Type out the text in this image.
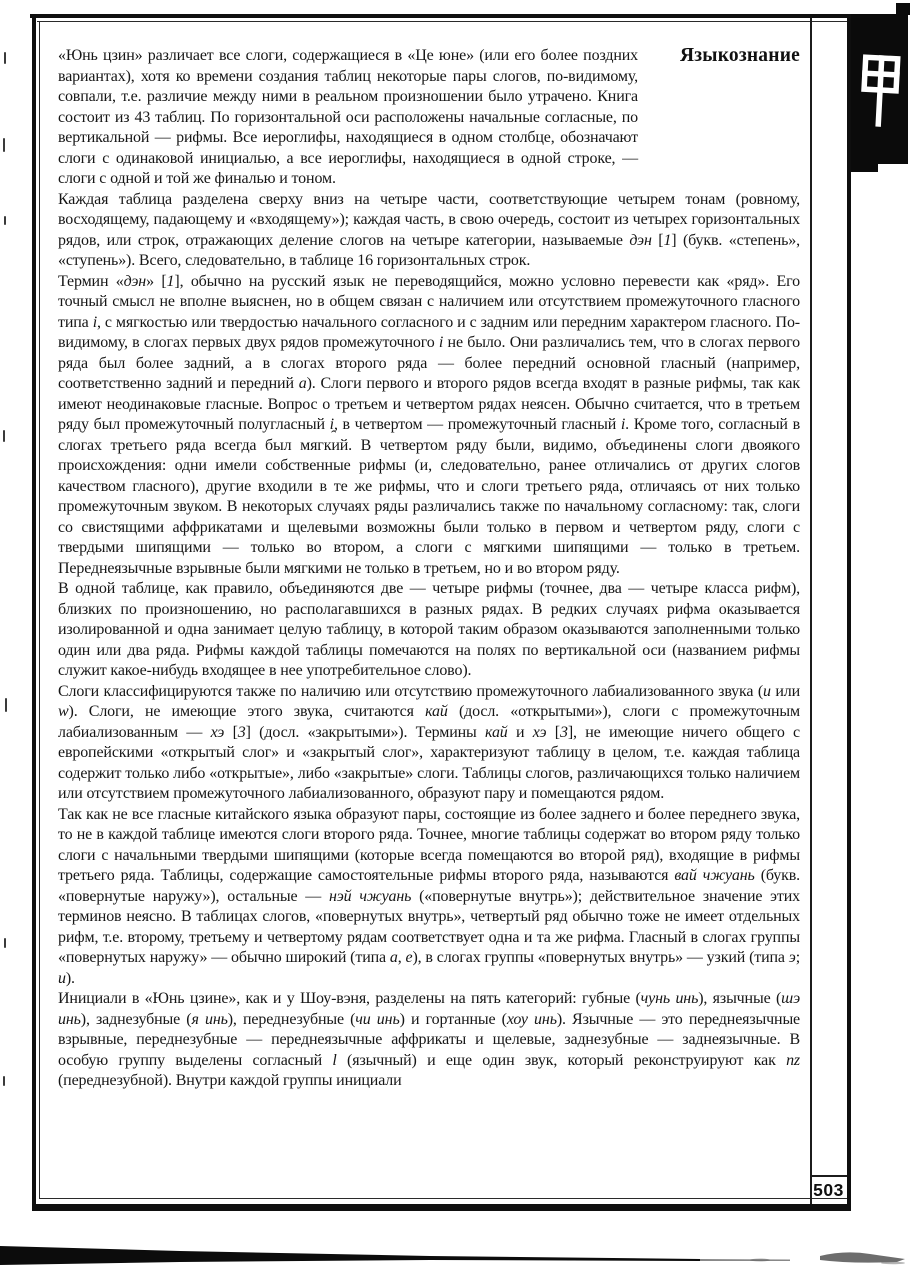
503
Языкознание

«Юнь цзин» различает все слоги, содержащиеся в «Це юне» (или его более поздних вариантах), хотя ко времени создания таблиц некоторые пары слогов, по-видимому, совпали, т.е. различие между ними в реальном произношении было утрачено. Книга состоит из 43 таблиц. По горизонтальной оси расположены начальные согласные, по вертикальной — рифмы. Все иероглифы, находящиеся в одном столбце, обозначают слоги с одинаковой инициалью, а все иероглифы, находящиеся в одной строке, — слоги с одной и той же финалью и тоном.

Каждая таблица разделена сверху вниз на четыре части, соответствующие четырем тонам (ровному, восходящему, падающему и «входящему»); каждая часть, в свою очередь, состоит из четырех горизонтальных рядов, или строк, отражающих деление слогов на четыре категории, называемые дэн [1] (букв. «степень», «ступень»). Всего, следовательно, в таблице 16 горизонтальных строк.

Термин «дэн» [1], обычно на русский язык не переводящийся, можно условно перевести как «ряд». Его точный смысл не вполне выяснен, но в общем связан с наличием или отсутствием промежуточного гласного типа i, с мягкостью или твердостью начального согласного и с задним или передним характером гласного. По-видимому, в слогах первых двух рядов промежуточного i не было. Они различались тем, что в слогах первого ряда был более задний, а в слогах второго ряда — более передний основной гласный (например, соответственно задний и передний a). Слоги первого и второго рядов всегда входят в разные рифмы, так как имеют неодинаковые гласные. Вопрос о третьем и четвертом рядах неясен. Обычно считается, что в третьем ряду был промежуточный полугласный i̯, в четвертом — промежуточный гласный i. Кроме того, согласный в слогах третьего ряда всегда был мягкий. В четвертом ряду были, видимо, объединены слоги двоякого происхождения: одни имели собственные рифмы (и, следовательно, ранее отличались от других слогов качеством гласного), другие входили в те же рифмы, что и слоги третьего ряда, отличаясь от них только промежуточным звуком. В некоторых случаях ряды различались также по начальному согласному: так, слоги со свистящими аффрикатами и щелевыми возможны были только в первом и четвертом ряду, слоги с твердыми шипящими — только во втором, а слоги с мягкими шипящими — только в третьем. Переднеязычные взрывные были мягкими не только в третьем, но и во втором ряду.

В одной таблице, как правило, объединяются две — четыре рифмы (точнее, два — четыре класса рифм), близких по произношению, но располагавшихся в разных рядах. В редких случаях рифма оказывается изолированной и одна занимает целую таблицу, в которой таким образом оказываются заполненными только один или два ряда. Рифмы каждой таблицы помечаются на полях по вертикальной оси (названием рифмы служит какое-нибудь входящее в нее употребительное слово).

Слоги классифицируются также по наличию или отсутствию промежуточного лабиализованного звука (u или w). Слоги, не имеющие этого звука, считаются кай (досл. «открытыми»), слоги с промежуточным лабиализованным — хэ [3] (досл. «закрытыми»). Термины кай и хэ [3], не имеющие ничего общего с европейскими «открытый слог» и «закрытый слог», характеризуют таблицу в целом, т.е. каждая таблица содержит только либо «открытые», либо «закрытые» слоги. Таблицы слогов, различающихся только наличием или отсутствием промежуточного лабиализованного, образуют пару и помещаются рядом.

Так как не все гласные китайского языка образуют пары, состоящие из более заднего и более переднего звука, то не в каждой таблице имеются слоги второго ряда. Точнее, многие таблицы содержат во втором ряду только слоги с начальными твердыми шипящими (которые всегда помещаются во второй ряд), входящие в рифмы третьего ряда. Таблицы, содержащие самостоятельные рифмы второго ряда, называются вай чжуань (букв. «повернутые наружу»), остальные — нэй чжуань («повернутые внутрь»); действительное значение этих терминов неясно. В таблицах слогов, «повернутых внутрь», четвертый ряд обычно тоже не имеет отдельных рифм, т.е. второму, третьему и четвертому рядам соответствует одна и та же рифма. Гласный в слогах группы «повернутых наружу» — обычно широкий (типа a, e), в слогах группы «повернутых внутрь» — узкий (типа э; u).

Инициали в «Юнь цзине», как и у Шоу-вэня, разделены на пять категорий: губные (чунь инь), язычные (шэ инь), заднезубные (я инь), переднезубные (чи инь) и гортанные (хоу инь). Язычные — это переднеязычные взрывные, переднезубные — переднеязычные аффрикаты и щелевые, заднезубные — заднеязычные. В особую группу выделены согласный l (язычный) и еще один звук, который реконструируют как nz (переднезубной). Внутри каждой группы инициали
